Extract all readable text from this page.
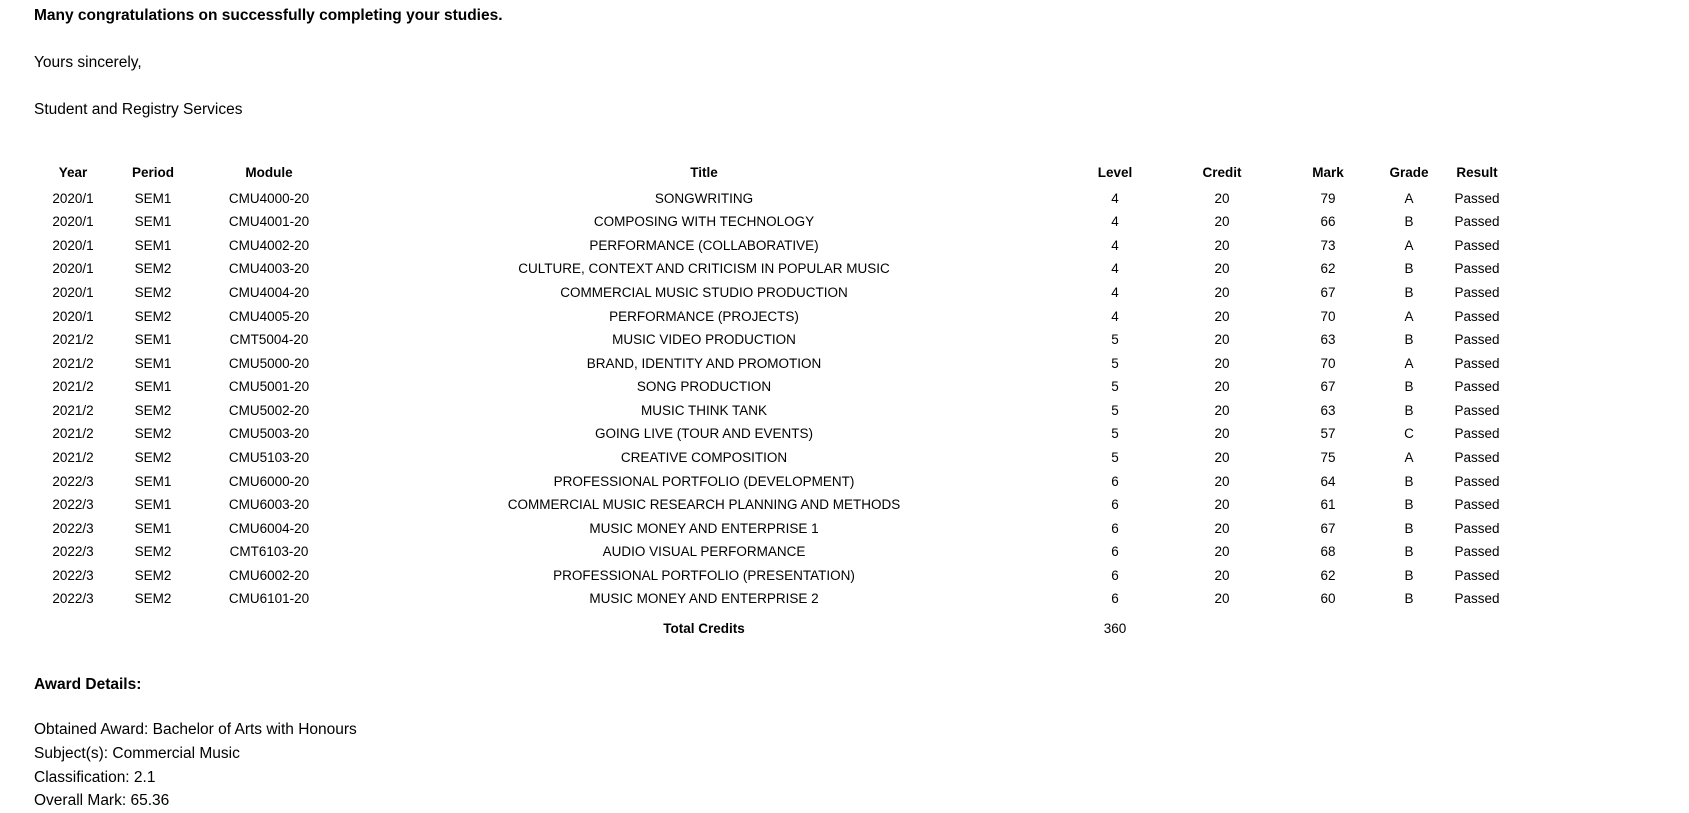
Many congratulations on successfully completing your studies.

Yours sincerely,

Student and Registry Services

Year	Period	Module	Title	Level	Credit	Mark	Grade	Result
2020/1	SEM1	CMU4000-20	SONGWRITING	4	20	79	A	Passed
2020/1	SEM1	CMU4001-20	COMPOSING WITH TECHNOLOGY	4	20	66	B	Passed
2020/1	SEM1	CMU4002-20	PERFORMANCE (COLLABORATIVE)	4	20	73	A	Passed
2020/1	SEM2	CMU4003-20	CULTURE, CONTEXT AND CRITICISM IN POPULAR MUSIC	4	20	62	B	Passed
2020/1	SEM2	CMU4004-20	COMMERCIAL MUSIC STUDIO PRODUCTION	4	20	67	B	Passed
2020/1	SEM2	CMU4005-20	PERFORMANCE (PROJECTS)	4	20	70	A	Passed
2021/2	SEM1	CMT5004-20	MUSIC VIDEO PRODUCTION	5	20	63	B	Passed
2021/2	SEM1	CMU5000-20	BRAND, IDENTITY AND PROMOTION	5	20	70	A	Passed
2021/2	SEM1	CMU5001-20	SONG PRODUCTION	5	20	67	B	Passed
2021/2	SEM2	CMU5002-20	MUSIC THINK TANK	5	20	63	B	Passed
2021/2	SEM2	CMU5003-20	GOING LIVE (TOUR AND EVENTS)	5	20	57	C	Passed
2021/2	SEM2	CMU5103-20	CREATIVE COMPOSITION	5	20	75	A	Passed
2022/3	SEM1	CMU6000-20	PROFESSIONAL PORTFOLIO (DEVELOPMENT)	6	20	64	B	Passed
2022/3	SEM1	CMU6003-20	COMMERCIAL MUSIC RESEARCH PLANNING AND METHODS	6	20	61	B	Passed
2022/3	SEM1	CMU6004-20	MUSIC MONEY AND ENTERPRISE 1	6	20	67	B	Passed
2022/3	SEM2	CMT6103-20	AUDIO VISUAL PERFORMANCE	6	20	68	B	Passed
2022/3	SEM2	CMU6002-20	PROFESSIONAL PORTFOLIO (PRESENTATION)	6	20	62	B	Passed
2022/3	SEM2	CMU6101-20	MUSIC MONEY AND ENTERPRISE 2	6	20	60	B	Passed
			Total Credits	360				
Award Details:

Obtained Award: Bachelor of Arts with Honours

Subject(s): Commercial Music

Classification: 2.1

Overall Mark: 65.36
